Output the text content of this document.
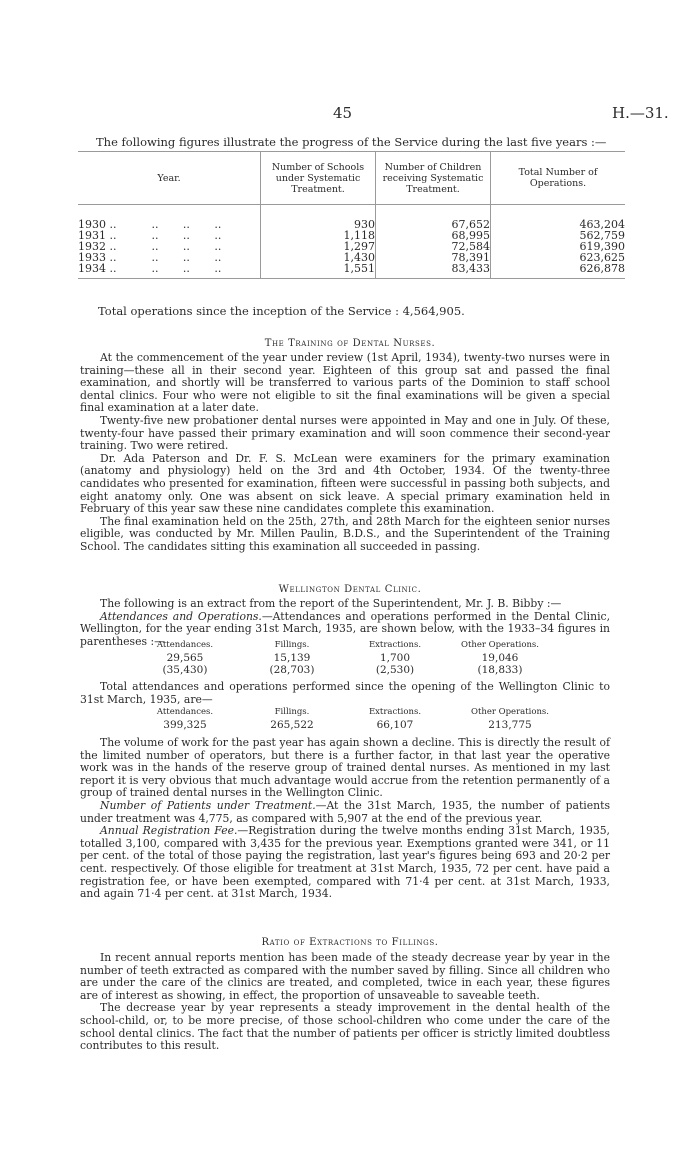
45	H.—31.
The following figures illustrate the progress of the Service during the last five years :—
Year.	Number of Schools under Systematic Treatment.	Number of Children receiving Systematic Treatment.	Total Number of Operations.

1930 ..          ..       ..       ..	930	67,652	463,204
1931 ..          ..       ..       ..	1,118	68,995	562,759
1932 ..          ..       ..       ..	1,297	72,584	619,390
1933 ..          ..       ..       ..	1,430	78,391	623,625
1934 ..          ..       ..       ..	1,551	83,433	626,878
Total operations since the inception of the Service : 4,564,905.
The Training of Dental Nurses.

At the commencement of the year under review (1st April, 1934), twenty-two nurses were in training—these all in their second year. Eighteen of this group sat and passed the final examination, and shortly will be transferred to various parts of the Dominion to staff school dental clinics. Four who were not eligible to sit the final examinations will be given a special final examination at a later date.

Twenty-five new probationer dental nurses were appointed in May and one in July. Of these, twenty-four have passed their primary examination and will soon commence their second-year training. Two were retired.

Dr. Ada Paterson and Dr. F. S. McLean were examiners for the primary examination (anatomy and physiology) held on the 3rd and 4th October, 1934. Of the twenty-three candidates who presented for examination, fifteen were successful in passing both subjects, and eight anatomy only. One was absent on sick leave. A special primary examination held in February of this year saw these nine candidates complete this examination.

The final examination held on the 25th, 27th, and 28th March for the eighteen senior nurses eligible, was conducted by Mr. Millen Paulin, B.D.S., and the Superintendent of the Training School. The candidates sitting this examination all succeeded in passing.

Wellington Dental Clinic.

The following is an extract from the report of the Superintendent, Mr. J. B. Bibby :—

Attendances and Operations.—Attendances and operations performed in the Dental Clinic, Wellington, for the year ending 31st March, 1935, are shown below, with the 1933–34 figures in parentheses :—

Attendances.	Fillings.	Extractions.	Other Operations.
29,565	15,139	1,700	19,046
(35,430)	(28,703)	(2,530)	(18,833)

Total attendances and operations performed since the opening of the Wellington Clinic to 31st March, 1935, are—

Attendances.	Fillings.	Extractions.	Other Operations.
399,325	265,522	66,107	213,775

The volume of work for the past year has again shown a decline. This is directly the result of the limited number of operators, but there is a further factor, in that last year the operative work was in the hands of the reserve group of trained dental nurses. As mentioned in my last report it is very obvious that much advantage would accrue from the retention permanently of a group of trained dental nurses in the Wellington Clinic.

Number of Patients under Treatment.—At the 31st March, 1935, the number of patients under treatment was 4,775, as compared with 5,907 at the end of the previous year.

Annual Registration Fee.—Registration during the twelve months ending 31st March, 1935, totalled 3,100, compared with 3,435 for the previous year. Exemptions granted were 341, or 11 per cent. of the total of those paying the registration, last year's figures being 693 and 20·2 per cent. respectively. Of those eligible for treatment at 31st March, 1935, 72 per cent. have paid a registration fee, or have been exempted, compared with 71·4 per cent. at 31st March, 1933, and again 71·4 per cent. at 31st March, 1934.

Ratio of Extractions to Fillings.

In recent annual reports mention has been made of the steady decrease year by year in the number of teeth extracted as compared with the number saved by filling. Since all children who are under the care of the clinics are treated, and completed, twice in each year, these figures are of interest as showing, in effect, the proportion of unsaveable to saveable teeth.

The decrease year by year represents a steady improvement in the dental health of the school-child, or, to be more precise, of those school-children who come under the care of the school dental clinics. The fact that the number of patients per officer is strictly limited doubtless contributes to this result.
